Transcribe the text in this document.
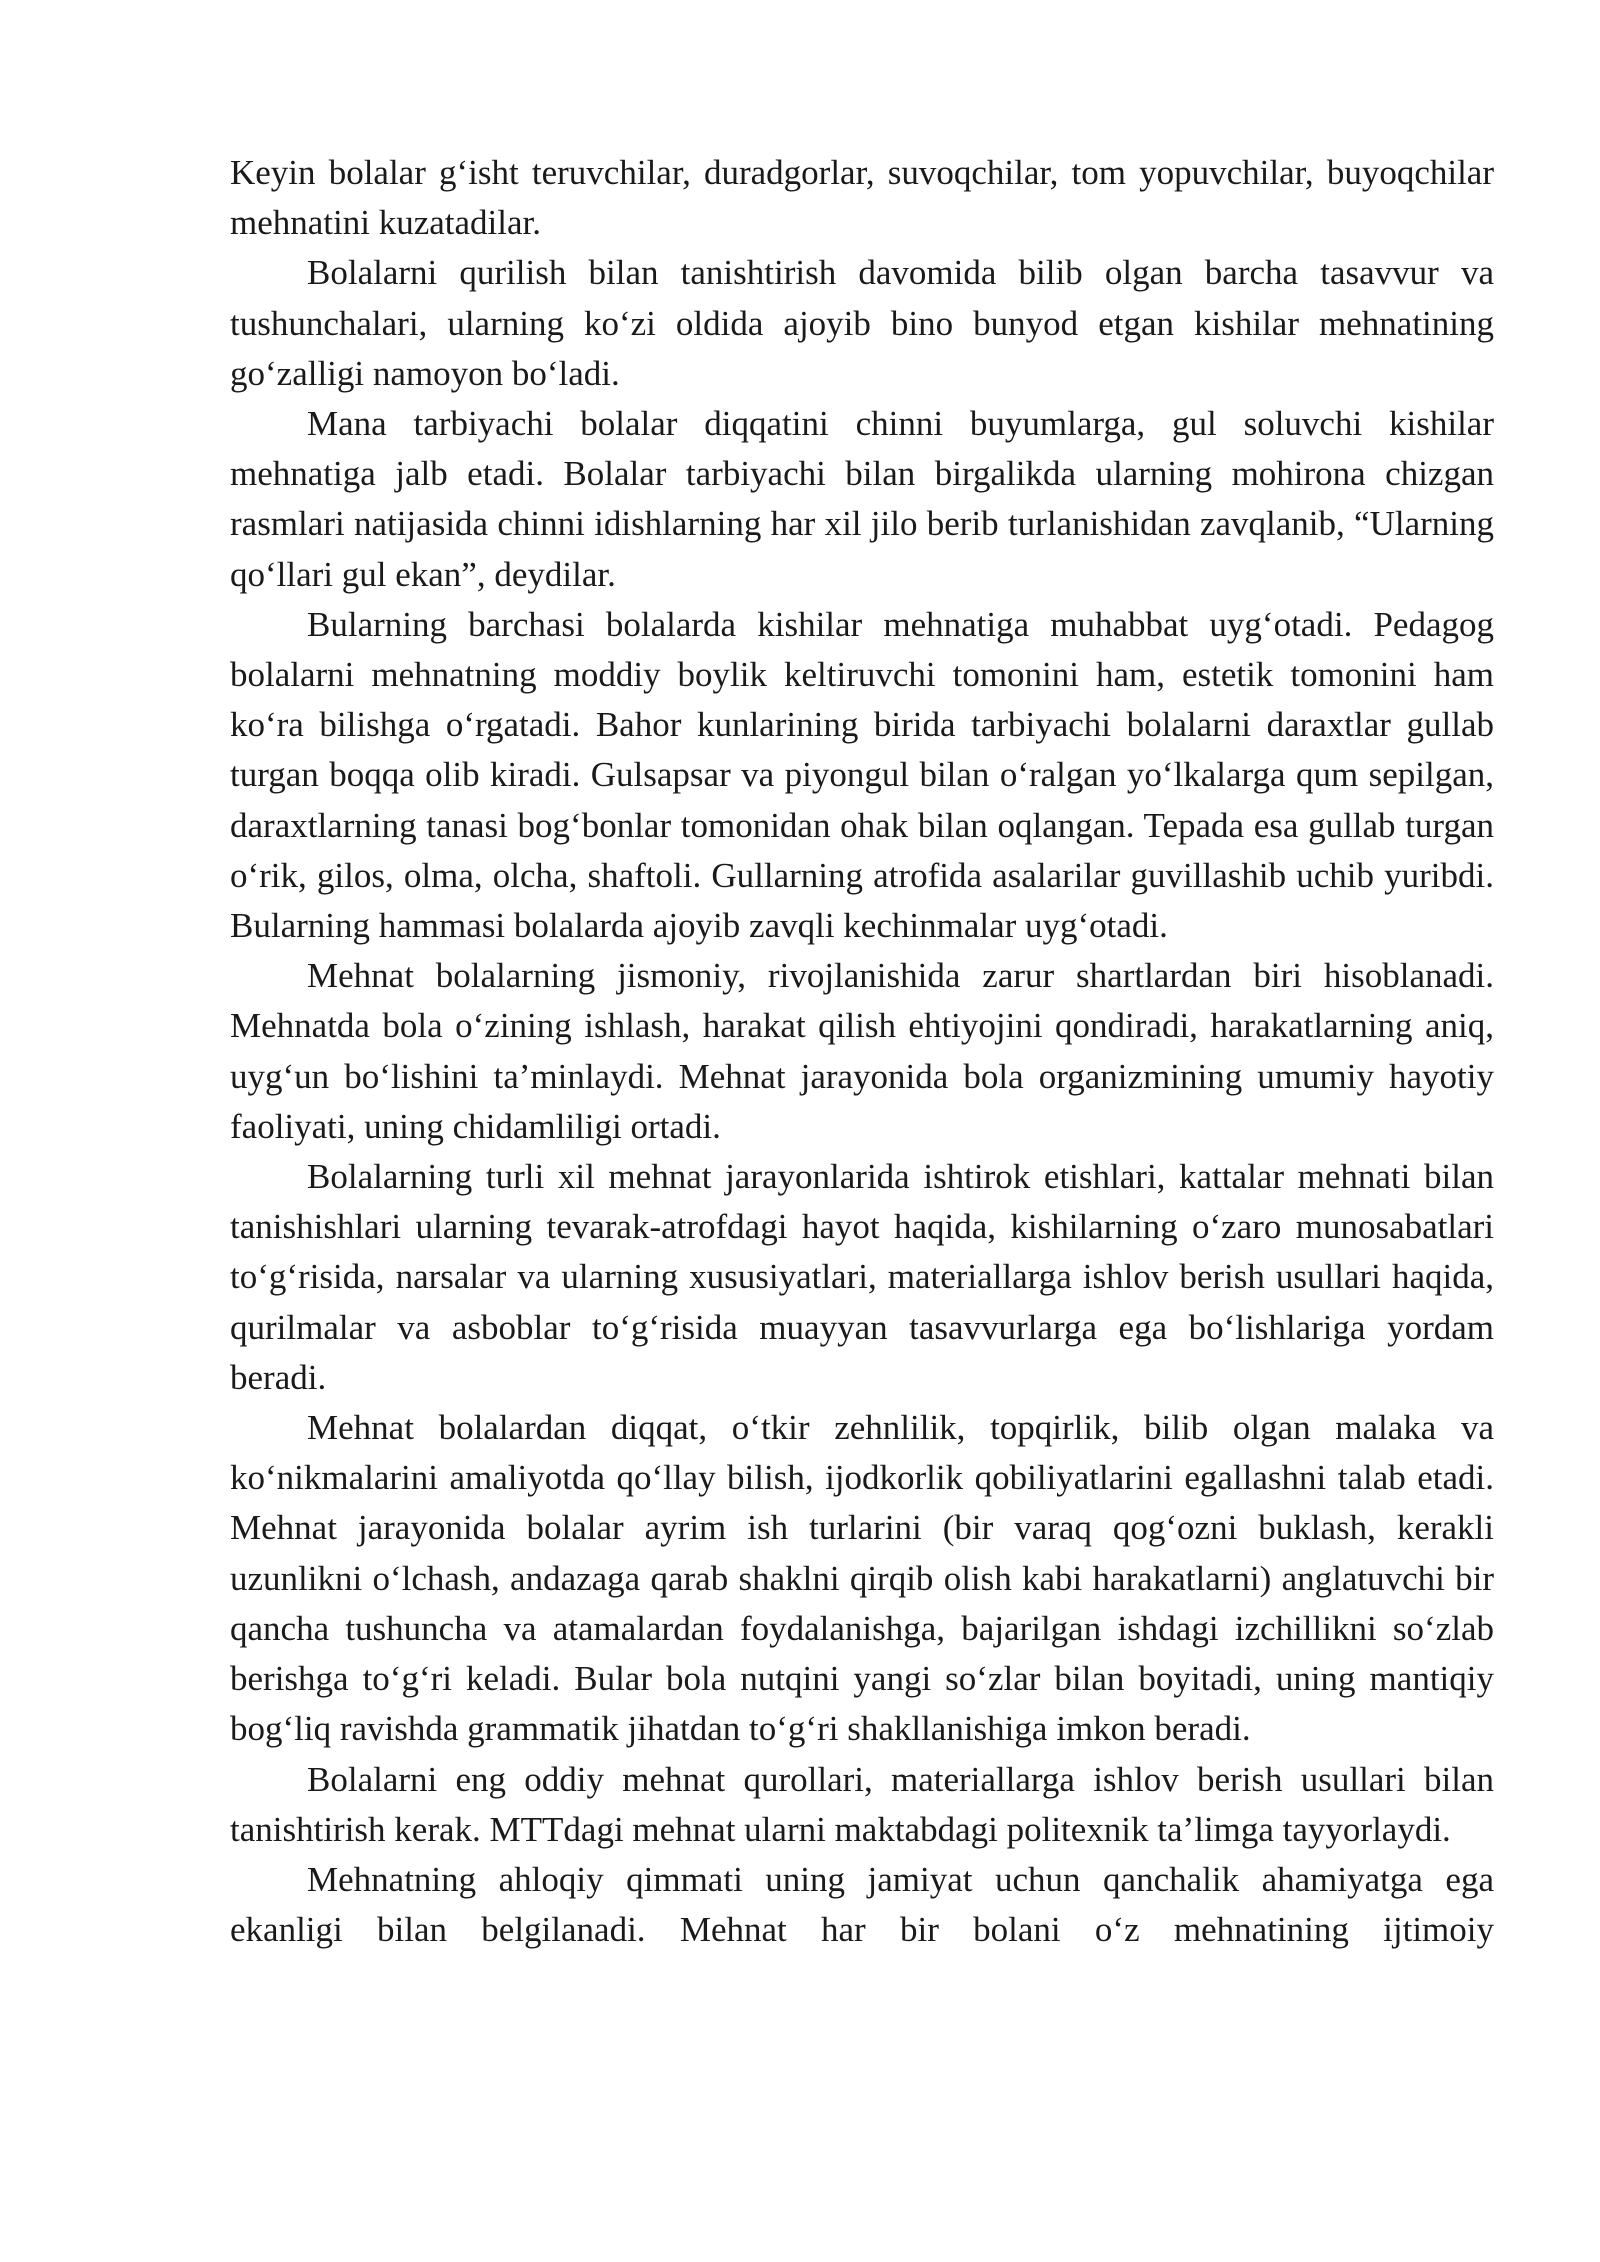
Keyin bolalar g‘isht teruvchilar, duradgorlar, suvoqchilar, tom yopuvchilar, buyoqchilar mehnatini kuzatadilar.

Bolalarni qurilish bilan tanishtirish davomida bilib olgan barcha tasavvur va tushunchalari, ularning ko‘zi oldida ajoyib bino bunyod etgan kishilar mehnatining go‘zalligi namoyon bo‘ladi.

Mana tarbiyachi bolalar diqqatini chinni buyumlarga, gul soluvchi kishilar mehnatiga jalb etadi. Bolalar tarbiyachi bilan birgalikda ularning mohirona chizgan rasmlari natijasida chinni idishlarning har xil jilo berib turlanishidan zavqlanib, “Ularning qo‘llari gul ekan”, deydilar.

Bularning barchasi bolalarda kishilar mehnatiga muhabbat uyg‘otadi. Pedagog bolalarni mehnatning moddiy boylik keltiruvchi tomonini ham, estetik tomonini ham ko‘ra bilishga o‘rgatadi. Bahor kunlarining birida tarbiyachi bolalarni daraxtlar gullab turgan boqqa olib kiradi. Gulsapsar va piyongul bilan o‘ralgan yo‘lkalarga qum sepilgan, daraxtlarning tanasi bog‘bonlar tomonidan ohak bilan oqlangan. Tepada esa gullab turgan o‘rik, gilos, olma, olcha, shaftoli. Gullarning atrofida asalarilar guvillashib uchib yuribdi. Bularning hammasi bolalarda ajoyib zavqli kechinmalar uyg‘otadi.

Mehnat bolalarning jismoniy, rivojlanishida zarur shartlardan biri hisoblanadi. Mehnatda bola o‘zining ishlash, harakat qilish ehtiyojini qondiradi, harakatlarning aniq, uyg‘un bo‘lishini ta’minlaydi. Mehnat jarayonida bola organizmining umumiy hayotiy faoliyati, uning chidamliligi ortadi.

Bolalarning turli xil mehnat jarayonlarida ishtirok etishlari, kattalar mehnati bilan tanishishlari ularning tevarak-atrofdagi hayot haqida, kishilarning o‘zaro munosabatlari to‘g‘risida, narsalar va ularning xususiyatlari, materiallarga ishlov berish usullari haqida, qurilmalar va asboblar to‘g‘risida muayyan tasavvurlarga ega bo‘lishlariga yordam beradi.

Mehnat bolalardan diqqat, o‘tkir zehnlilik, topqirlik, bilib olgan malaka va ko‘nikmalarini amaliyotda qo‘llay bilish, ijodkorlik qobiliyatlarini egallashni talab etadi. Mehnat jarayonida bolalar ayrim ish turlarini (bir varaq qog‘ozni buklash, kerakli uzunlikni o‘lchash, andazaga qarab shaklni qirqib olish kabi harakatlarni) anglatuvchi bir qancha tushuncha va atamalardan foydalanishga, bajarilgan ishdagi izchillikni so‘zlab berishga to‘g‘ri keladi. Bular bola nutqini yangi so‘zlar bilan boyitadi, uning mantiqiy bog‘liq ravishda grammatik jihatdan to‘g‘ri shakllanishiga imkon beradi.

Bolalarni eng oddiy mehnat qurollari, materiallarga ishlov berish usullari bilan tanishtirish kerak. MTTdagi mehnat ularni maktabdagi politexnik ta’limga tayyorlaydi.

Mehnatning ahloqiy qimmati uning jamiyat uchun qanchalik ahamiyatga ega ekanligi bilan belgilanadi. Mehnat har bir bolani o‘z mehnatining ijtimoiy
